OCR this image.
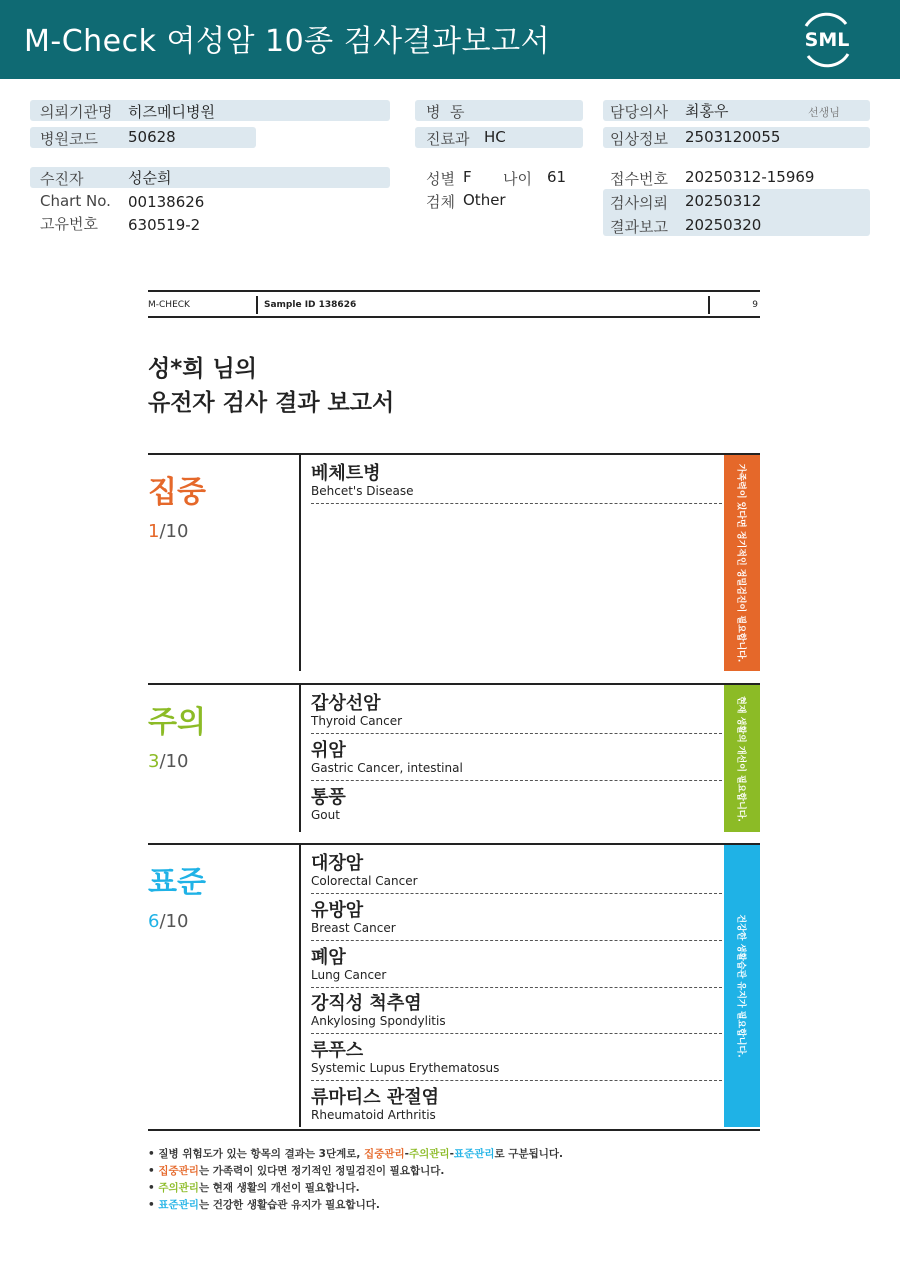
M-Check 여성암 10종 검사결과보고서	SML
의뢰기관명 히즈메디병원
병원코드 50628
병  동
진료과 HC
담당의사 최홍우	선생님
임상정보 2503120055
수진자	성순희
Chart No. 00138626
고유번호 630519-2
성별 F 나이 61
검체 Other
접수번호 20250312-15969
검사의뢰 20250312
결과보고 20250320
M-CHECK	Sample ID 138626	9
성*희 님의
유전자 검사 결과 보고서
집중
1/10	가족력이 있다면 정기적인 정밀검진이 필요합니다.
베체트병
Behcet's Disease
주의
3/10	현재 생활의 개선이 필요합니다.
갑상선암
Thyroid Cancer
위암
Gastric Cancer, intestinal
통풍
Gout
표준
6/10	건강한 생활습관 유지가 필요합니다.
대장암
Colorectal Cancer
유방암
Breast Cancer
폐암
Lung Cancer
강직성 척추염
Ankylosing Spondylitis
루푸스
Systemic Lupus Erythematosus
류마티스 관절염
Rheumatoid Arthritis
• 질병 위험도가 있는 항목의 결과는 3단계로, 집중관리-주의관리-표준관리로 구분됩니다.
• 집중관리는 가족력이 있다면 정기적인 정밀검진이 필요합니다.
• 주의관리는 현재 생활의 개선이 필요합니다.
• 표준관리는 건강한 생활습관 유지가 필요합니다.
